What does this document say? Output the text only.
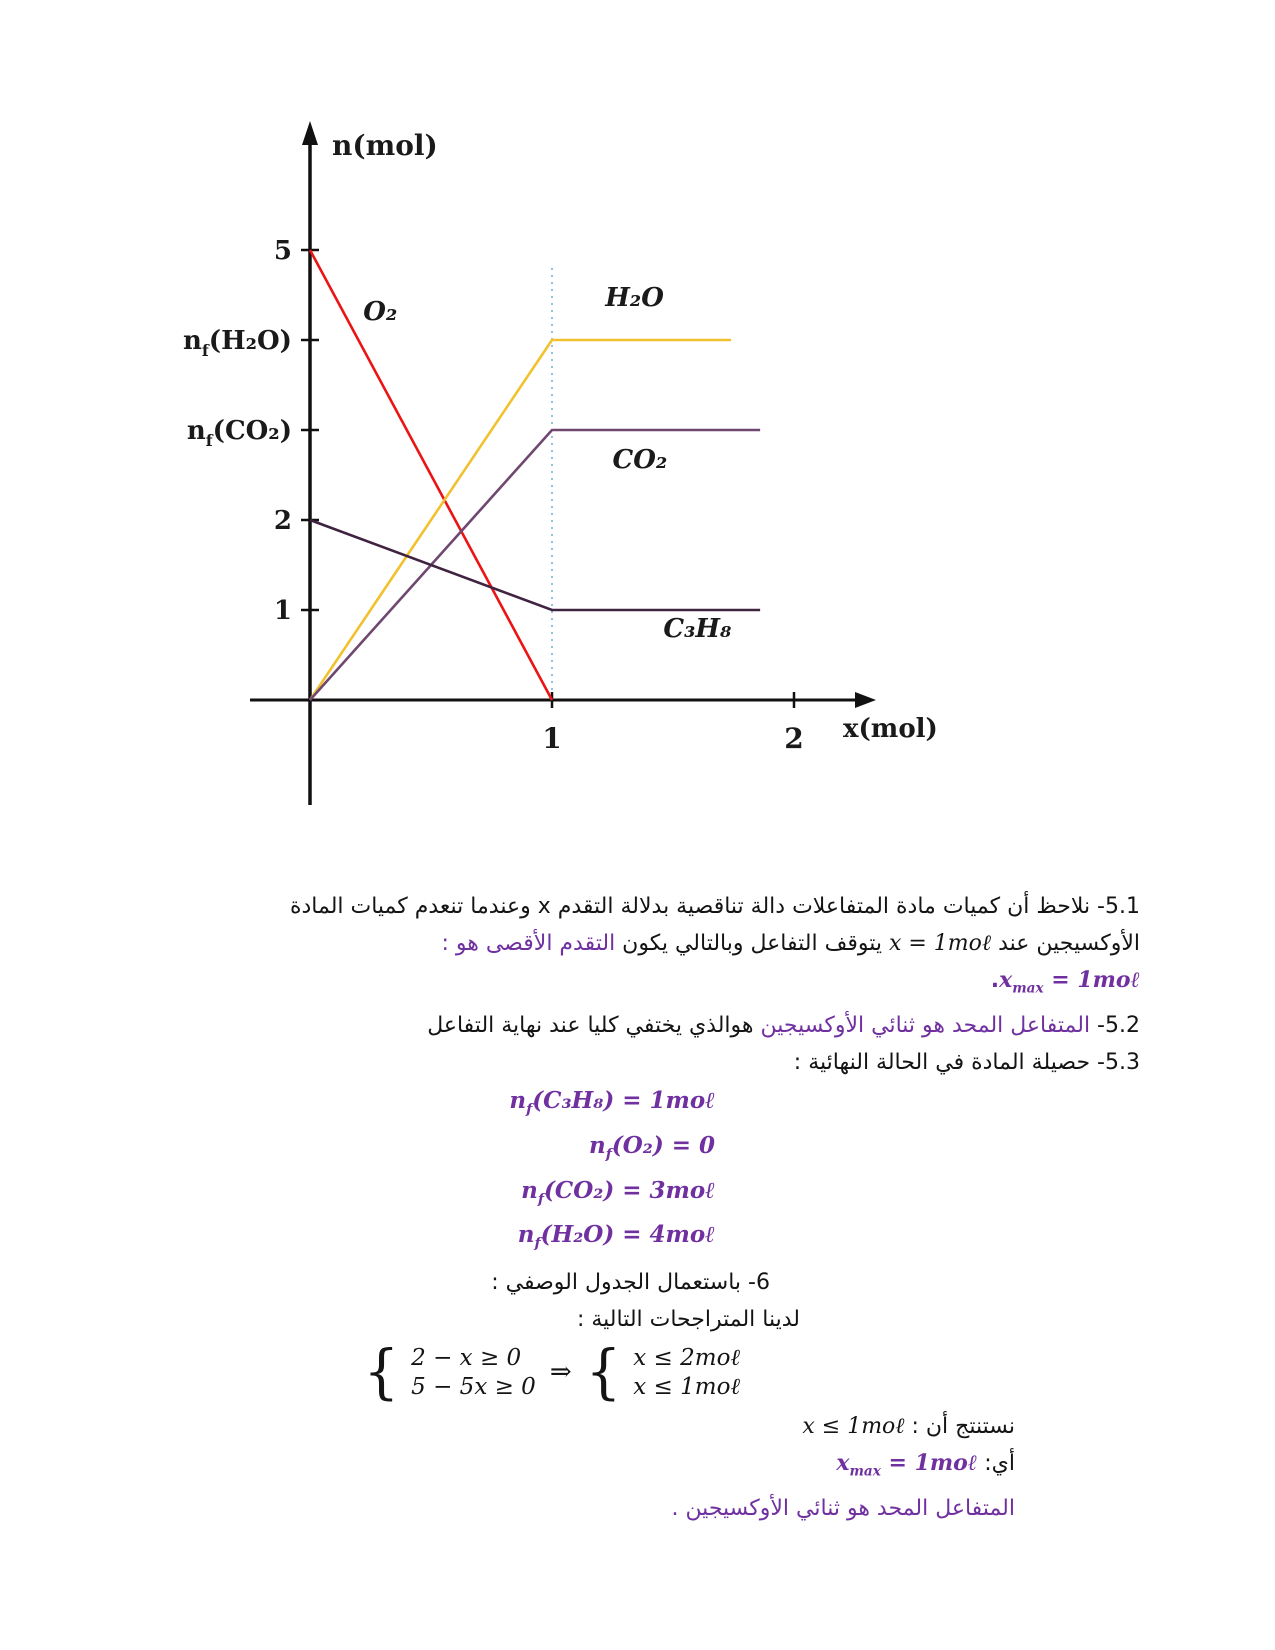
5
$n_f(H_2O)$
$n_f(CO_2)$
2
1
1	2
n(mol)
x(mol)
O₂	H₂O
CO₂
C₃H₈

5.1- نلاحظ أن كميات مادة المتفاعلات دالة تناقصية بدلالة التقدم x وعندما تنعدم كميات المادة

الأوكسيجين عند x = 1moℓ يتوقف التفاعل وبالتالي يكون التقدم الأقصى هو :

$x_{max}$ = 1moℓ.

5.2- المتفاعل المحد هو ثنائي الأوكسيجين هوالذي يختفي كليا عند نهاية التفاعل

5.3- حصيلة المادة في الحالة النهائية :

$n_f(C_3H_8)$ = 1moℓ
$n_f(O_2) = 0$
$n_f(CO_2)$ = 3moℓ
$n_f(H_2O)$ = 4moℓ

6- باستعمال الجدول الوصفي :

لدينا المتراجحات التالية :

{ 2 − x ≥ 0
5 − 5x ≥ 0 ⇒ { x ≤ 2moℓ
x ≤ 1moℓ

نستنتج أن : x ≤ 1moℓ

أي: $x_{max}$ = 1moℓ

المتفاعل المحد هو ثنائي الأوكسيجين .
